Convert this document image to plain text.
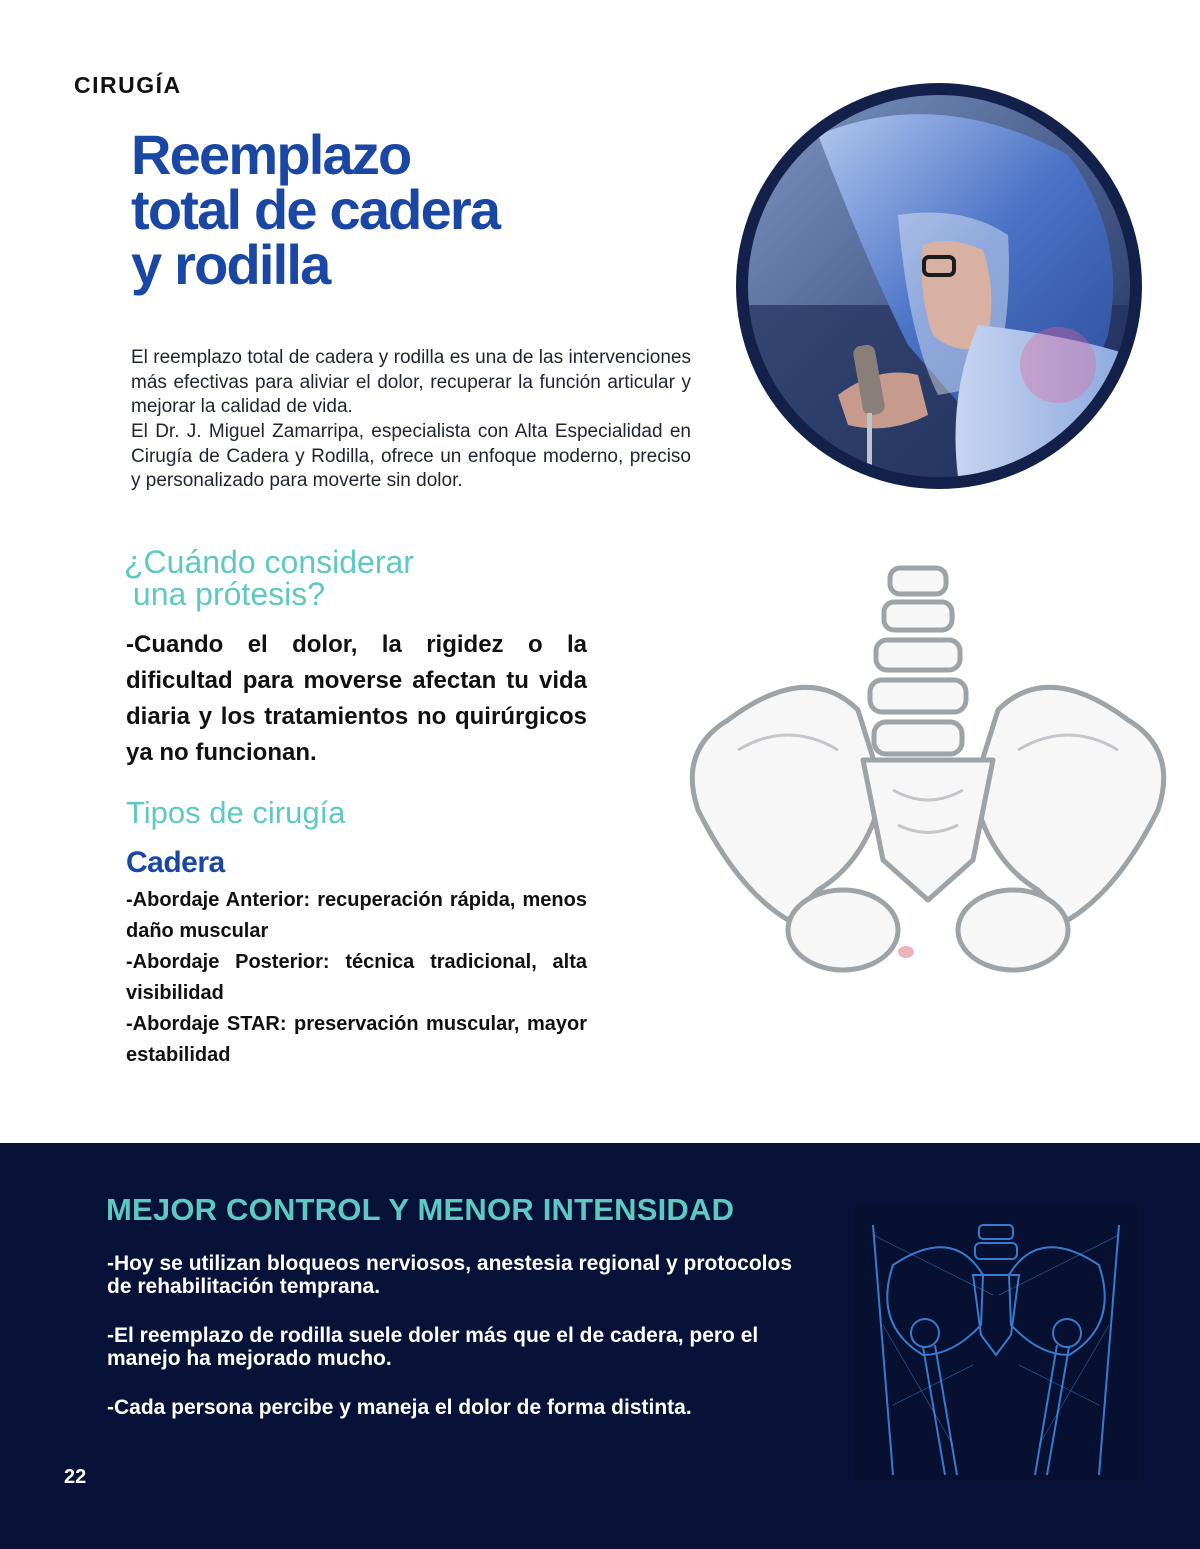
CIRUGÍA
Reemplazo
total de cadera
y rodilla

El reemplazo total de cadera y rodilla es una de las intervenciones más efectivas para aliviar el dolor, recuperar la función articular y mejorar la calidad de vida.

El Dr. J. Miguel Zamarripa, especialista con Alta Especialidad en Cirugía de Cadera y Rodilla, ofrece un enfoque moderno, preciso y personalizado para moverte sin dolor.

¿Cuándo considerar
una prótesis?

-Cuando el dolor, la rigidez o la dificultad para moverse afectan tu vida diaria y los tratamientos no quirúrgicos ya no funcionan.

Tipos de cirugía
Cadera

-Abordaje Anterior: recuperación rápida, menos daño muscular

-Abordaje Posterior: técnica tradicional, alta visibilidad

-Abordaje STAR: preservación muscular, mayor estabilidad

MEJOR CONTROL Y MENOR INTENSIDAD

-Hoy se utilizan bloqueos nerviosos, anestesia regional y protocolos de rehabilitación temprana.

-El reemplazo de rodilla suele doler más que el de cadera, pero el manejo ha mejorado mucho.

-Cada persona percibe y maneja el dolor de forma distinta.

22
